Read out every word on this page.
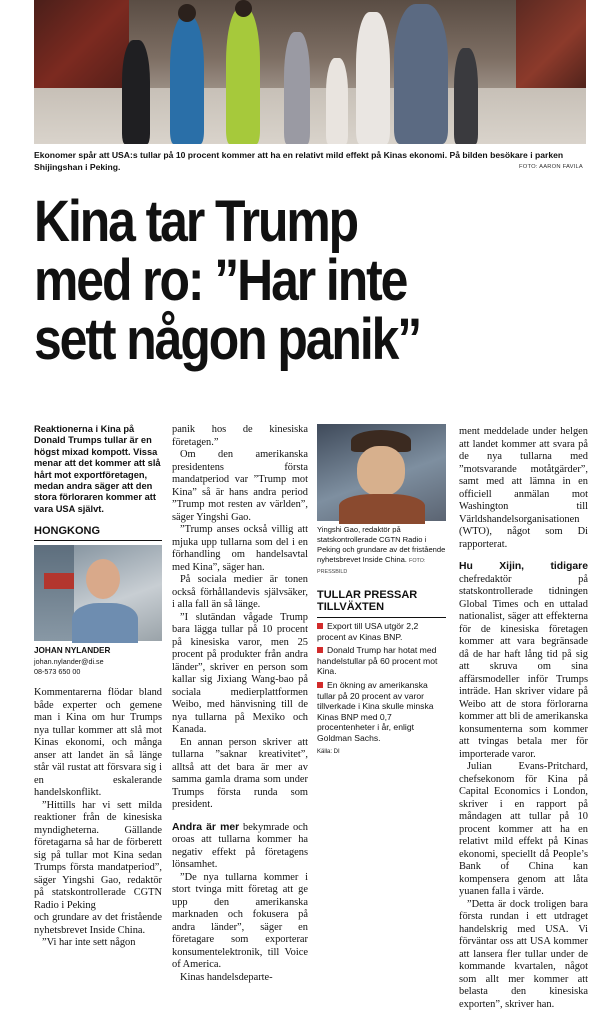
Ekonomer spår att USA:s tullar på 10 procent kommer att ha en relativt mild effekt på Kinas ekonomi. På bilden besökare i parken Shijingshan i Peking.	FOTO: AARON FAVILA
Kina tar Trump
med ro: ”Har inte
sett någon panik”

Reaktionerna i Kina på Donald Trumps tullar är en högst mixad kompott. Vissa menar att det kommer att slå hårt mot exportföretagen, medan andra säger att den stora förloraren kommer att vara USA självt.

HONGKONG
JOHAN NYLANDER
johan.nylander@di.se
08-573 650 00

Kommentarerna flödar bland både experter och gemene man i Kina om hur Trumps nya tullar kommer att slå mot Kinas ekonomi, och många anser att landet än så länge står väl rustat att försvara sig i en eskalerande handelskonflikt.

”Hittills har vi sett milda reaktioner från de kinesiska myndigheterna. Gällande företagarna så har de förberett sig på tullar mot Kina sedan Trumps första mandatperiod”, säger Yingshi Gao, redaktör på statskontrollerade CGTN Radio i Peking

och grundare av det fristående nyhetsbrevet Inside China.

”Vi har inte sett någon

panik hos de kinesiska företagen.”

Om den amerikanska presidentens första mandatperiod var ”Trump mot Kina” så är hans andra period ”Trump mot resten av världen”, säger Yingshi Gao.

”Trump anses också villig att mjuka upp tullarna som del i en förhandling om handelsavtal med Kina”, säger han.

På sociala medier är tonen också förhållandevis självsäker, i alla fall än så länge.

”I slutändan vågade Trump bara lägga tullar på 10 procent på kinesiska varor, men 25 procent på produkter från andra länder”, skriver en person som kallar sig Jixiang Wang-bao på sociala medierplattformen Weibo, med hänvisning till de nya tullarna på Mexiko och Kanada.

En annan person skriver att tullarna ”saknar kreativitet”, alltså att det bara är mer av samma gamla drama som under Trumps första runda som president.

Andra är mer bekymrade och oroas att tullarna kommer ha negativ effekt på företagens lönsamhet.

”De nya tullarna kommer i stort tvinga mitt företag att ge upp den amerikanska marknaden och fokusera på andra länder”, säger en företagare som exporterar konsumentelektronik, till Voice of America.

Kinas handelsdeparte-

Yingshi Gao, redaktör på statskontrollerade CGTN Radio i Peking och grundare av det fristående nyhetsbrevet Inside China. FOTO: PRESSBILD
TULLAR PRESSAR TILLVÄXTEN
Export till USA utgör 2,2 procent av Kinas BNP.
Donald Trump har hotat med handelstullar på 60 procent mot Kina.
En ökning av amerikanska tullar på 20 procent av varor tillverkade i Kina skulle minska Kinas BNP med 0,7 procentenheter i år, enligt Goldman Sachs.
Källa: DI

ment meddelade under helgen att landet kommer att svara på de nya tullarna med ”motsvarande motåtgärder”, samt med att lämna in en officiell anmälan mot Washington till Världshandelsorganisationen (WTO), något som Di rapporterat.

Hu Xijin, tidigare chefredaktör på statskontrollerade tidningen Global Times och en uttalad nationalist, säger att effekterna för de kinesiska företagen kommer att vara begränsade då de har haft lång tid på sig att skruva om sina affärsmodeller inför Trumps inträde. Han skriver vidare på Weibo att de stora förlorarna kommer att bli de amerikanska konsumenterna som kommer att tvingas betala mer för importerade varor.

Julian Evans-Pritchard, chefsekonom för Kina på Capital Economics i London, skriver i en rapport på måndagen att tullar på 10 procent kommer att ha en relativt mild effekt på Kinas ekonomi, speciellt då People’s Bank of China kan kompensera genom att låta yuanen falla i värde.

”Detta är dock troligen bara första rundan i ett utdraget handelskrig med USA. Vi förväntar oss att USA kommer att lansera fler tullar under de kommande kvartalen, något som allt mer kommer att belasta den kinesiska exporten”, skriver han.
